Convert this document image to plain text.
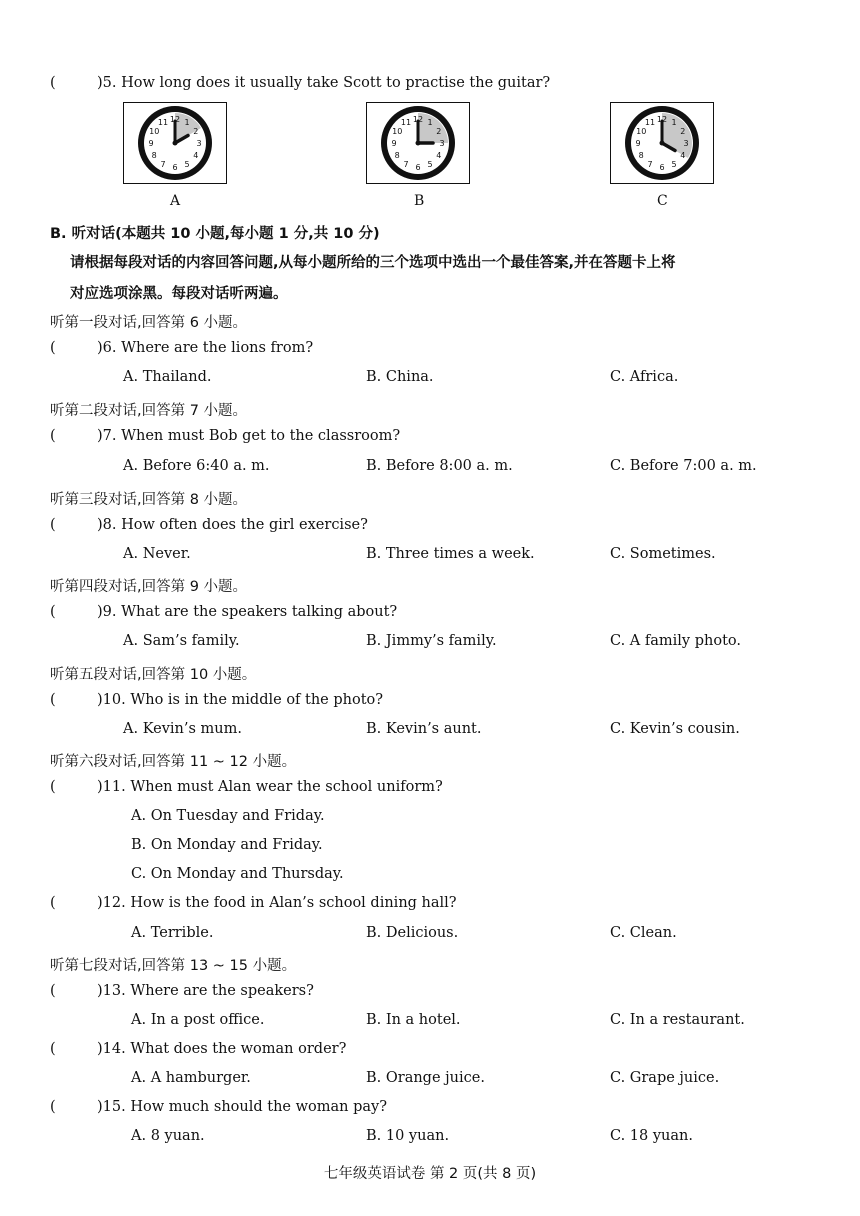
(	)5. How long does it usually take Scott to practise the guitar?
1
2
3
4
5
6
7
8
9
10
11 12	1
2
3
4
5
6
7
8
9
10
11 12	1
2
3
4
5
6
7
8
9
10
11 12
A	B	C
B. 听对话(本题共 10 小题,每小题 1 分,共 10 分)
请根据每段对话的内容回答问题,从每小题所给的三个选项中选出一个最佳答案,并在答题卡上将
对应选项涂黑。每段对话听两遍。
听第一段对话,回答第 6 小题。
(	)6. Where are the lions from?
A. Thailand.	B. China.	C. Africa.
听第二段对话,回答第 7 小题。
(	)7. When must Bob get to the classroom?
A. Before 6:40 a. m.	B. Before 8:00 a. m.	C. Before 7:00 a. m.
听第三段对话,回答第 8 小题。
(	)8. How often does the girl exercise?
A. Never.	B. Three times a week.	C. Sometimes.
听第四段对话,回答第 9 小题。
(	)9. What are the speakers talking about?
A. Sam’s family.	B. Jimmy’s family.	C. A family photo.
听第五段对话,回答第 10 小题。
(	)10. Who is in the middle of the photo?
A. Kevin’s mum.	B. Kevin’s aunt.	C. Kevin’s cousin.
听第六段对话,回答第 11 ~ 12 小题。
(	)11. When must Alan wear the school uniform?
A. On Tuesday and Friday.
B. On Monday and Friday.
C. On Monday and Thursday.
(	)12. How is the food in Alan’s school dining hall?
A. Terrible.	B. Delicious.	C. Clean.
听第七段对话,回答第 13 ~ 15 小题。
(	)13. Where are the speakers?
A. In a post office.	B. In a hotel.	C. In a restaurant.
(	)14. What does the woman order?
A. A hamburger.	B. Orange juice.	C. Grape juice.
(	)15. How much should the woman pay?
A. 8 yuan.	B. 10 yuan.	C. 18 yuan.
七年级英语试卷 第 2 页(共 8 页)
